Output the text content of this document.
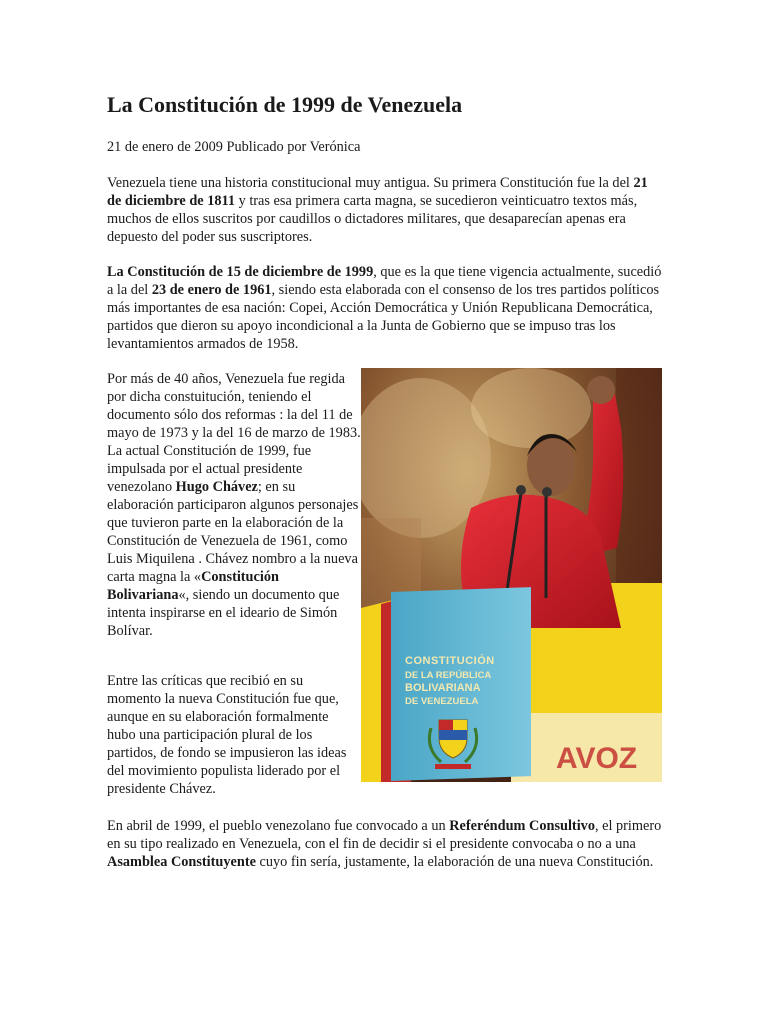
La Constitución de 1999 de Venezuela

21 de enero de 2009 Publicado por Verónica

Venezuela tiene una historia constitucional muy antigua. Su primera Constitución fue la del 21 de diciembre de 1811 y tras esa primera carta magna, se sucedieron veinticuatro textos más, muchos de ellos suscritos por caudillos o dictadores militares, que desaparecían apenas era depuesto del poder sus suscriptores.

La Constitución de 15 de diciembre de 1999, que es la que tiene vigencia actualmente, sucedió a la del 23 de enero de 1961, siendo esta elaborada con el consenso de los tres partidos políticos más importantes de esa nación: Copei, Acción Democrática y Unión Republicana Democrática, partidos que dieron su apoyo incondicional a la Junta de Gobierno que se impuso tras los levantamientos armados de 1958.

Por más de 40 años, Venezuela fue regida por dicha constuitución, teniendo el documento sólo dos reformas : la del 11 de mayo de 1973 y la del 16 de marzo de 1983.
La actual Constitución de 1999, fue impulsada por el actual presidente venezolano Hugo Chávez; en su elaboración participaron algunos personajes que tuvieron parte en la elaboración de la Constitución de Venezuela de 1961, como Luis Miquilena . Chávez nombro a la nueva carta magna la «Constitución Bolivariana«, siendo un documento que intenta inspirarse en el ideario de Simón Bolívar.

Entre las críticas que recibió en su momento la nueva Constitución fue que, aunque en su elaboración formalmente hubo una participación plural de los partidos, de fondo se impusieron las ideas del movimiento populista liderado por el presidente Chávez.

En abril de 1999, el pueblo venezolano fue convocado a un Referéndum Consultivo, el primero en su tipo realizado en Venezuela, con el fin de decidir si el presidente convocaba o no a una Asamblea Constituyente cuyo fin sería, justamente, la elaboración de una nueva Constitución.

AVOZ
CONSTITUCIÓN
DE LA REPÚBLICA
BOLIVARIANA
DE VENEZUELA
